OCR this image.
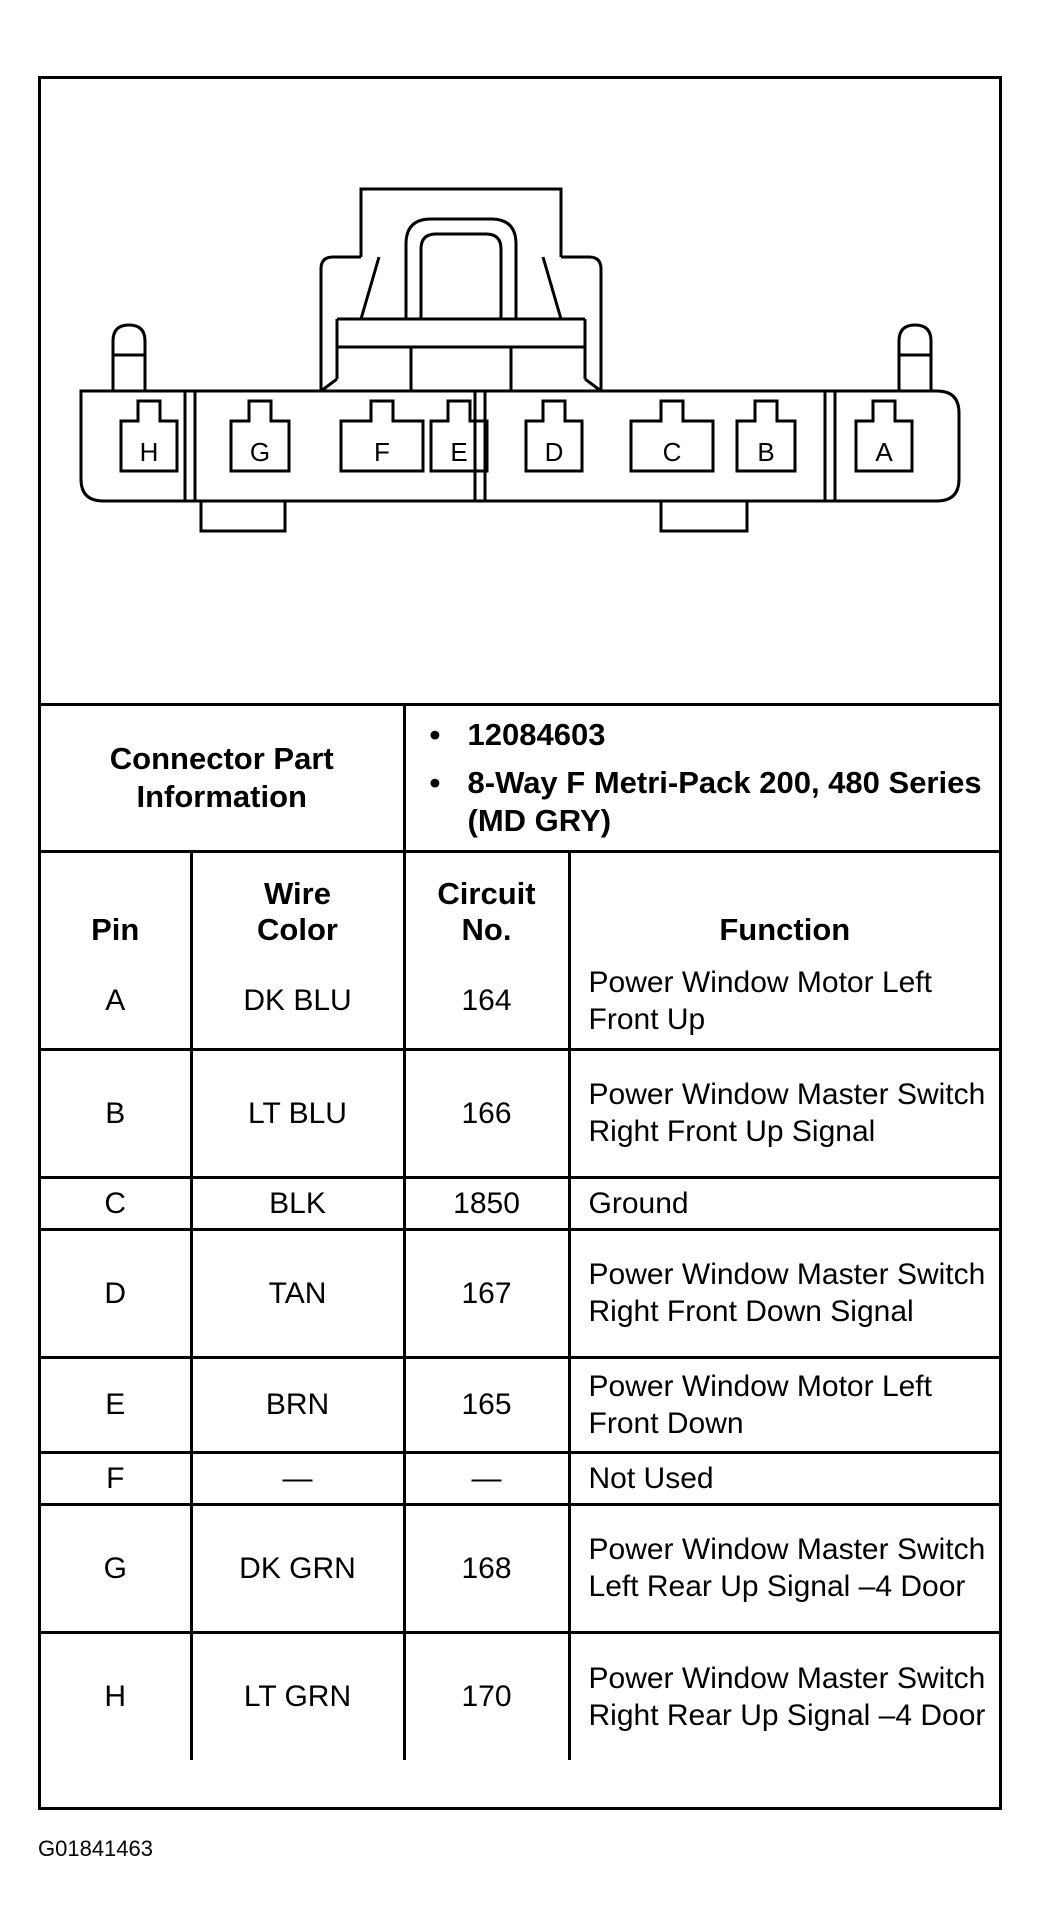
H	G	F E	D	C	B	A
Connector Part Information		• 12084603
• 8-Way F Metri-Pack 200, 480 Series (MD GRY)	

Pin	Wire Color	Circuit No.	Function
A	DK BLU	164	Power Window Motor Left Front Up
B	LT BLU	166	Power Window Master Switch Right Front Up Signal
C	BLK	1850	Ground
D	TAN	167	Power Window Master Switch Right Front Down Signal
E	BRN	165	Power Window Motor Left Front Down
F	—	—	Not Used
G	DK GRN	168	Power Window Master Switch Left Rear Up Signal –4 Door
H	LT GRN	170	Power Window Master Switch Right Rear Up Signal –4 Door
G01841463
